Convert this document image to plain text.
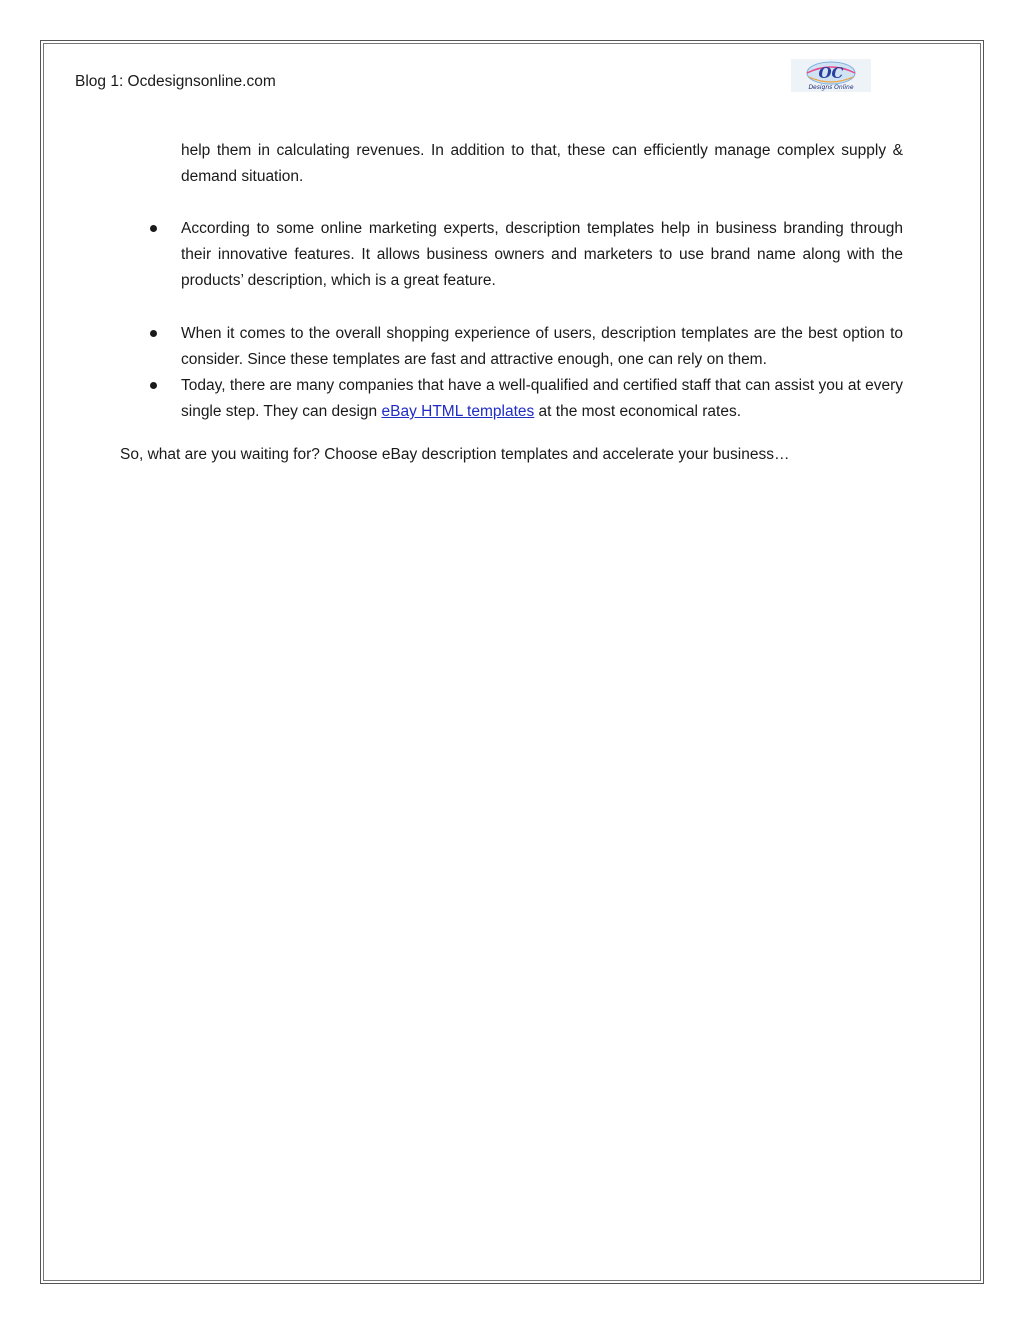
Blog 1: Ocdesignsonline.com	OC
Designs Online
help them in calculating revenues. In addition to that, these can efficiently manage complex supply & demand situation.
According to some online marketing experts, description templates help in business branding through their innovative features. It allows business owners and marketers to use brand name along with the products’ description, which is a great feature.
When it comes to the overall shopping experience of users, description templates are the best option to consider. Since these templates are fast and attractive enough, one can rely on them.
Today, there are many companies that have a well-qualified and certified staff that can assist you at every single step. They can design eBay HTML templates at the most economical rates.
So, what are you waiting for? Choose eBay description templates and accelerate your business…
